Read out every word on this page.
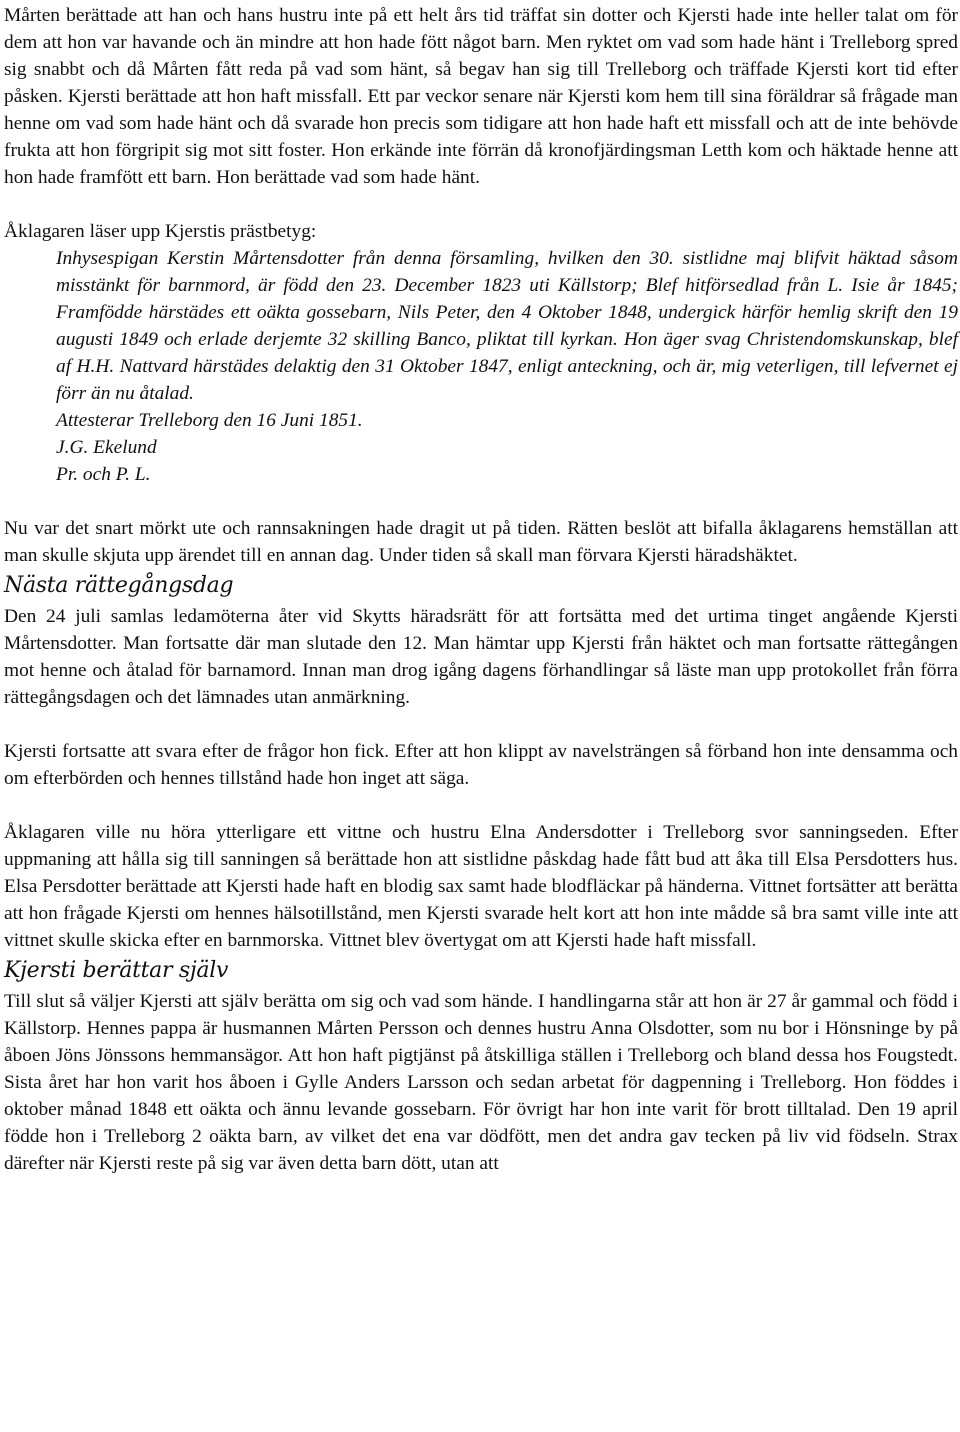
Mårten berättade att han och hans hustru inte på ett helt års tid träffat sin dotter och Kjersti hade inte heller talat om för dem att hon var havande och än mindre att hon hade fött något barn. Men ryktet om vad som hade hänt i Trelleborg spred sig snabbt och då Mårten fått reda på vad som hänt, så begav han sig till Trelleborg och träffade Kjersti kort tid efter påsken. Kjersti berättade att hon haft missfall. Ett par veckor senare när Kjersti kom hem till sina föräldrar så frågade man henne om vad som hade hänt och då svarade hon precis som tidigare att hon hade haft ett missfall och att de inte behövde frukta att hon förgripit sig mot sitt foster. Hon erkände inte förrän då kronofjärdingsman Letth kom och häktade henne att hon hade framfött ett barn. Hon berättade vad som hade hänt.

Åklagaren läser upp Kjerstis prästbetyg:

Inhysespigan Kerstin Mårtensdotter från denna församling, hvilken den 30. sistlidne maj blifvit häktad såsom misstänkt för barnmord, är född den 23. December 1823 uti Källstorp; Blef hitförsedlad från L. Isie år 1845; Framfödde härstädes ett oäkta gossebarn, Nils Peter, den 4 Oktober 1848, undergick härför hemlig skrift den 19 augusti 1849 och erlade derjemte 32 skilling Banco, pliktat till kyrkan. Hon äger svag Christendomskunskap, blef af H.H. Nattvard härstädes delaktig den 31 Oktober 1847, enligt anteckning, och är, mig veterligen, till lefvernet ej förr än nu åtalad.
Attesterar Trelleborg den 16 Juni 1851.
J.G. Ekelund
Pr. och P. L.

Nu var det snart mörkt ute och rannsakningen hade dragit ut på tiden. Rätten beslöt att bifalla åklagarens hemställan att man skulle skjuta upp ärendet till en annan dag. Under tiden så skall man förvara Kjersti häradshäktet.

Nästa rättegångsdag

Den 24 juli samlas ledamöterna åter vid Skytts häradsrätt för att fortsätta med det urtima tinget angående Kjersti Mårtensdotter. Man fortsatte där man slutade den 12. Man hämtar upp Kjersti från häktet och man fortsatte rättegången mot henne och åtalad för barnamord. Innan man drog igång dagens förhandlingar så läste man upp protokollet från förra rättegångsdagen och det lämnades utan anmärkning.

Kjersti fortsatte att svara efter de frågor hon fick. Efter att hon klippt av navelsträngen så förband hon inte densamma och om efterbörden och hennes tillstånd hade hon inget att säga.

Åklagaren ville nu höra ytterligare ett vittne och hustru Elna Andersdotter i Trelleborg svor sanningseden. Efter uppmaning att hålla sig till sanningen så berättade hon att sistlidne påskdag hade fått bud att åka till Elsa Persdotters hus. Elsa Persdotter berättade att Kjersti hade haft en blodig sax samt hade blodfläckar på händerna. Vittnet fortsätter att berätta att hon frågade Kjersti om hennes hälsotillstånd, men Kjersti svarade helt kort att hon inte mådde så bra samt ville inte att vittnet skulle skicka efter en barnmorska. Vittnet blev övertygat om att Kjersti hade haft missfall.

Kjersti berättar själv

Till slut så väljer Kjersti att själv berätta om sig och vad som hände. I handlingarna står att hon är 27 år gammal och född i Källstorp. Hennes pappa är husmannen Mårten Persson och dennes hustru Anna Olsdotter, som nu bor i Hönsninge by på åboen Jöns Jönssons hemmansägor. Att hon haft pigtjänst på åtskilliga ställen i Trelleborg och bland dessa hos Fougstedt. Sista året har hon varit hos åboen i Gylle Anders Larsson och sedan arbetat för dagpenning i Trelleborg. Hon föddes i oktober månad 1848 ett oäkta och ännu levande gossebarn. För övrigt har hon inte varit för brott tilltalad. Den 19 april födde hon i Trelleborg 2 oäkta barn, av vilket det ena var dödfött, men det andra gav tecken på liv vid födseln. Strax därefter när Kjersti reste på sig var även detta barn dött, utan att
